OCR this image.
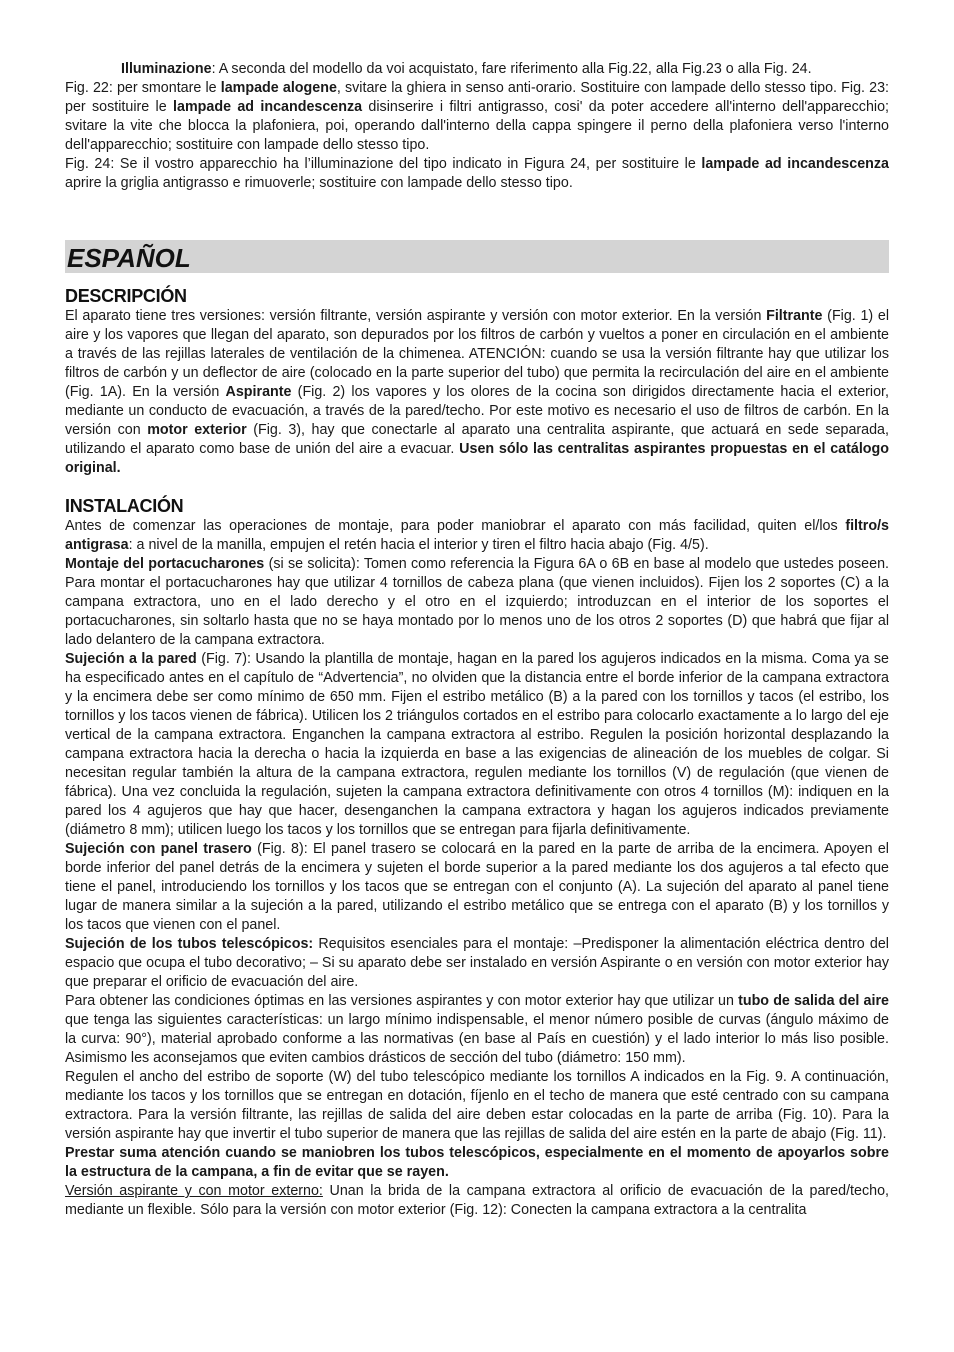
Illuminazione: A seconda del modello da voi acquistato, fare riferimento alla Fig.22, alla Fig.23 o alla Fig. 24.

Fig. 22: per smontare le lampade alogene, svitare la ghiera in senso anti-orario. Sostituire con lampade dello stesso tipo. Fig. 23: per sostituire le lampade ad incandescenza disinserire i filtri antigrasso, cosi' da poter accedere all'interno dell'apparecchio; svitare la vite che blocca la plafoniera, poi, operando dall'interno della cappa spingere il perno della plafoniera verso l'interno dell'apparecchio; sostituire con lampade dello stesso tipo.

Fig. 24: Se il vostro apparecchio ha l’illuminazione del tipo indicato in Figura 24, per sostituire le lampade ad incandescenza aprire la griglia antigrasso e rimuoverle; sostituire con lampade dello stesso tipo.

ESPAÑOL
DESCRIPCIÓN

El aparato tiene tres versiones: versión filtrante, versión aspirante y versión con motor exterior. En la versión Filtrante (Fig. 1) el aire y los vapores que llegan del aparato, son depurados por los filtros de carbón y vueltos a poner en circulación en el ambiente a través de las rejillas laterales de ventilación de la chimenea. ATENCIÓN: cuando se usa la versión filtrante hay que utilizar los filtros de carbón y un deflector de aire (colocado en la parte superior del tubo) que permita la recirculación del aire en el ambiente (Fig. 1A). En la versión Aspirante (Fig. 2) los vapores y los olores de la cocina son dirigidos directamente hacia el exterior, mediante un conducto de evacuación, a través de la pared/techo. Por este motivo es necesario el uso de filtros de carbón. En la versión con motor exterior (Fig. 3), hay que conectarle al aparato una centralita aspirante, que actuará en sede separada, utilizando el aparato como base de unión del aire a evacuar. Usen sólo las centralitas aspirantes propuestas en el catálogo original.

INSTALACIÓN

Antes de comenzar las operaciones de montaje, para poder maniobrar el aparato con más facilidad, quiten el/los filtro/s antigrasa: a nivel de la manilla, empujen el retén hacia el interior y tiren el filtro hacia abajo (Fig. 4/5).

Montaje del portacucharones (si se solicita): Tomen como referencia la Figura 6A o 6B en base al modelo que ustedes poseen. Para montar el portacucharones hay que utilizar 4 tornillos de cabeza plana (que vienen incluidos). Fijen los 2 soportes (C) a la campana extractora, uno en el lado derecho y el otro en el izquierdo; introduzcan en el interior de los soportes el portacucharones, sin soltarlo hasta que no se haya montado por lo menos uno de los otros 2 soportes (D) que habrá que fijar al lado delantero de la campana extractora.

Sujeción a la pared (Fig. 7): Usando la plantilla de montaje, hagan en la pared los agujeros indicados en la misma. Coma ya se ha especificado antes en el capítulo de “Advertencia”, no olviden que la distancia entre el borde inferior de la campana extractora y la encimera debe ser como mínimo de 650 mm. Fijen el estribo metálico (B) a la pared con los tornillos y tacos (el estribo, los tornillos y los tacos vienen de fábrica). Utilicen los 2 triángulos cortados en el estribo para colocarlo exactamente a lo largo del eje vertical de la campana extractora. Enganchen la campana extractora al estribo. Regulen la posición horizontal desplazando la campana extractora hacia la derecha o hacia la izquierda en base a las exigencias de alineación de los muebles de colgar. Si necesitan regular también la altura de la campana extractora, regulen mediante los tornillos (V) de regulación (que vienen de fábrica). Una vez concluida la regulación, sujeten la campana extractora definitivamente con otros 4 tornillos (M): indiquen en la pared los 4 agujeros que hay que hacer, desenganchen la campana extractora y hagan los agujeros indicados previamente (diámetro 8 mm); utilicen luego los tacos y los tornillos que se entregan para fijarla definitivamente.

Sujeción con panel trasero (Fig. 8): El panel trasero se colocará en la pared en la parte de arriba de la encimera. Apoyen el borde inferior del panel detrás de la encimera y sujeten el borde superior a la pared mediante los dos agujeros a tal efecto que tiene el panel, introduciendo los tornillos y los tacos que se entregan con el conjunto (A). La sujeción del aparato al panel tiene lugar de manera similar a la sujeción a la pared, utilizando el estribo metálico que se entrega con el aparato (B) y los tornillos y los tacos que vienen con el panel.

Sujeción de los tubos telescópicos: Requisitos esenciales para el montaje: –Predisponer la alimentación eléctrica dentro del espacio que ocupa el tubo decorativo; – Si su aparato debe ser instalado en versión Aspirante o en versión con motor exterior hay que preparar el orificio de evacuación del aire.

Para obtener las condiciones óptimas en las versiones aspirantes y con motor exterior hay que utilizar un tubo de salida del aire que tenga las siguientes características: un largo mínimo indispensable, el menor número posible de curvas (ángulo máximo de la curva: 90°), material aprobado conforme a las normativas (en base al País en cuestión) y el lado interior lo más liso posible. Asimismo les aconsejamos que eviten cambios drásticos de sección del tubo (diámetro: 150 mm).

Regulen el ancho del estribo de soporte (W) del tubo telescópico mediante los tornillos A indicados en la Fig. 9. A continuación, mediante los tacos y los tornillos que se entregan en dotación, fíjenlo en el techo de manera que esté centrado con su campana extractora. Para la versión filtrante, las rejillas de salida del aire deben estar colocadas en la parte de arriba (Fig. 10). Para la versión aspirante hay que invertir el tubo superior de manera que las rejillas de salida del aire estén en la parte de abajo (Fig. 11).

Prestar suma atención cuando se maniobren los tubos telescópicos, especialmente en el momento de apoyarlos sobre la estructura de la campana, a fin de evitar que se rayen.

Versión aspirante y con motor externo: Unan la brida de la campana extractora al orificio de evacuación de la pared/techo, mediante un flexible. Sólo para la versión con motor exterior (Fig. 12): Conecten la campana extractora a la centralita
